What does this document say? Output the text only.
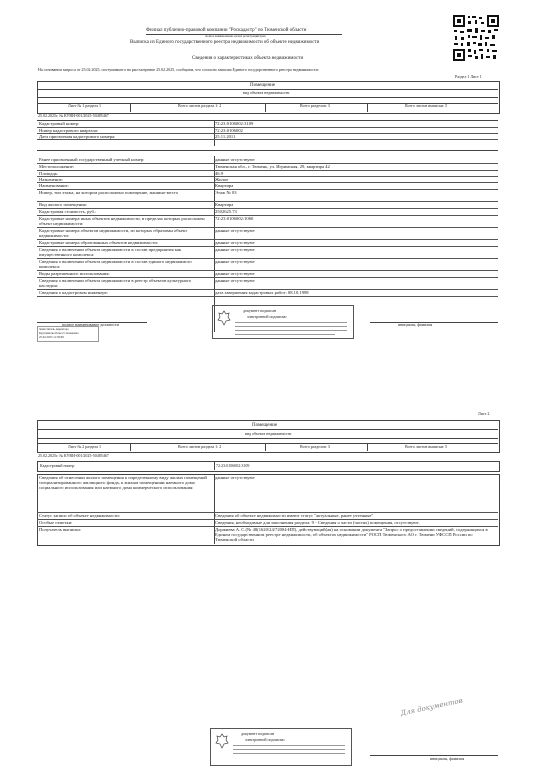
Филиал публично-правовой компании "Роскадастр" по Тюменской области
полное наименование органа регистрации прав
Выписка из Единого государственного реестра недвижимости об объекте недвижимости
Сведения о характеристиках объекта недвижимости
На основании запроса от 25.02.2025, поступившего на рассмотрение 25.02.2025, сообщаем, что согласно записям Единого государственного реестра недвижимости:
Раздел 1 Лист 1
Помещение
вид объекта недвижимости
Лист № 1 раздела 1	Всего листов раздела 1: 2	Всего разделов: 3	Всего листов выписки: 5
25.02.2025г. № КУВИ-001/2025-50485467
Кадастровый номер:	72:23:0106002:3109
Номер кадастрового квартала:	72:23:0106002
Дата присвоения кадастрового номера:	25.11.2011
Ранее присвоенный государственный учетный номер:	данные отсутствуют
Местоположение:	Тюменская обл., г. Тюмень, ул. Игримская, 29, квартира 42
Площадь:	46.9
Назначение:	Жилое
Наименование:	Квартира
Номер, тип этажа, на котором расположено помещение, машино-место	Этаж № 03
Вид жилого помещения:	Квартира
Кадастровая стоимость, руб.:	2502625.73
Кадастровые номера иных объектов недвижимости, в пределах которых расположен объект недвижимости:
72:23:0106002:1060
Кадастровые номера объектов недвижимости, из которых образован объект недвижимости:
данные отсутствуют
Кадастровые номера образованных объектов недвижимости:	данные отсутствуют
Сведения о включении объекта недвижимости в состав предприятия как имущественного комплекса:
данные отсутствуют
Сведения о включении объекта недвижимости в состав единого недвижимого комплекса:
данные отсутствуют
Виды разрешенного использования:	данные отсутствуют
Сведения о включении объекта недвижимости в реестр объектов культурного наследия:
данные отсутствуют
Сведения о кадастровом инженере:	дата завершения кадастровых работ: 08.10.1998
полное наименование должности	инициалы, фамилия
документ подписан
электронной подписью
Заместитель директора
Кругляшова Ольга Степановна
25.02.2025 11:56:09
Лист 2
Помещение
вид объекта недвижимости
Лист № 2 раздела 1	Всего листов раздела 1: 2	Всего разделов: 3	Всего листов выписки: 5
25.02.2025г. № КУВИ-001/2025-50485467
Кадастровый номер:	72:23:0106002:3109
Сведения об отнесении жилого помещения к определенному виду жилых помещений специализированного жилищного фонда, к жилым помещениям наемного дома социального использования или наемного дома коммерческого использования:
данные отсутствуют
Статус записи об объекте недвижимости:	Сведения об объекте недвижимости имеют статус "актуальные, ранее учтенные"
Особые отметки:	Сведения, необходимые для заполнения раздела: 9 - Сведения о части (частях) помещения, отсутствуют.
Получатель выписки:	Доржиева А. С.(№ 48(1620/24/72004-ИП), действующий(ая) на основании документа "Запрос о предоставлении сведений, содержащихся в Едином государственном реестре недвижимости, об объектах недвижимости" РОСП Тюменского АО г. Тюмени УФССП России по Тюменской области
Для документов
документ подписан
электронной подписью
инициалы, фамилия
